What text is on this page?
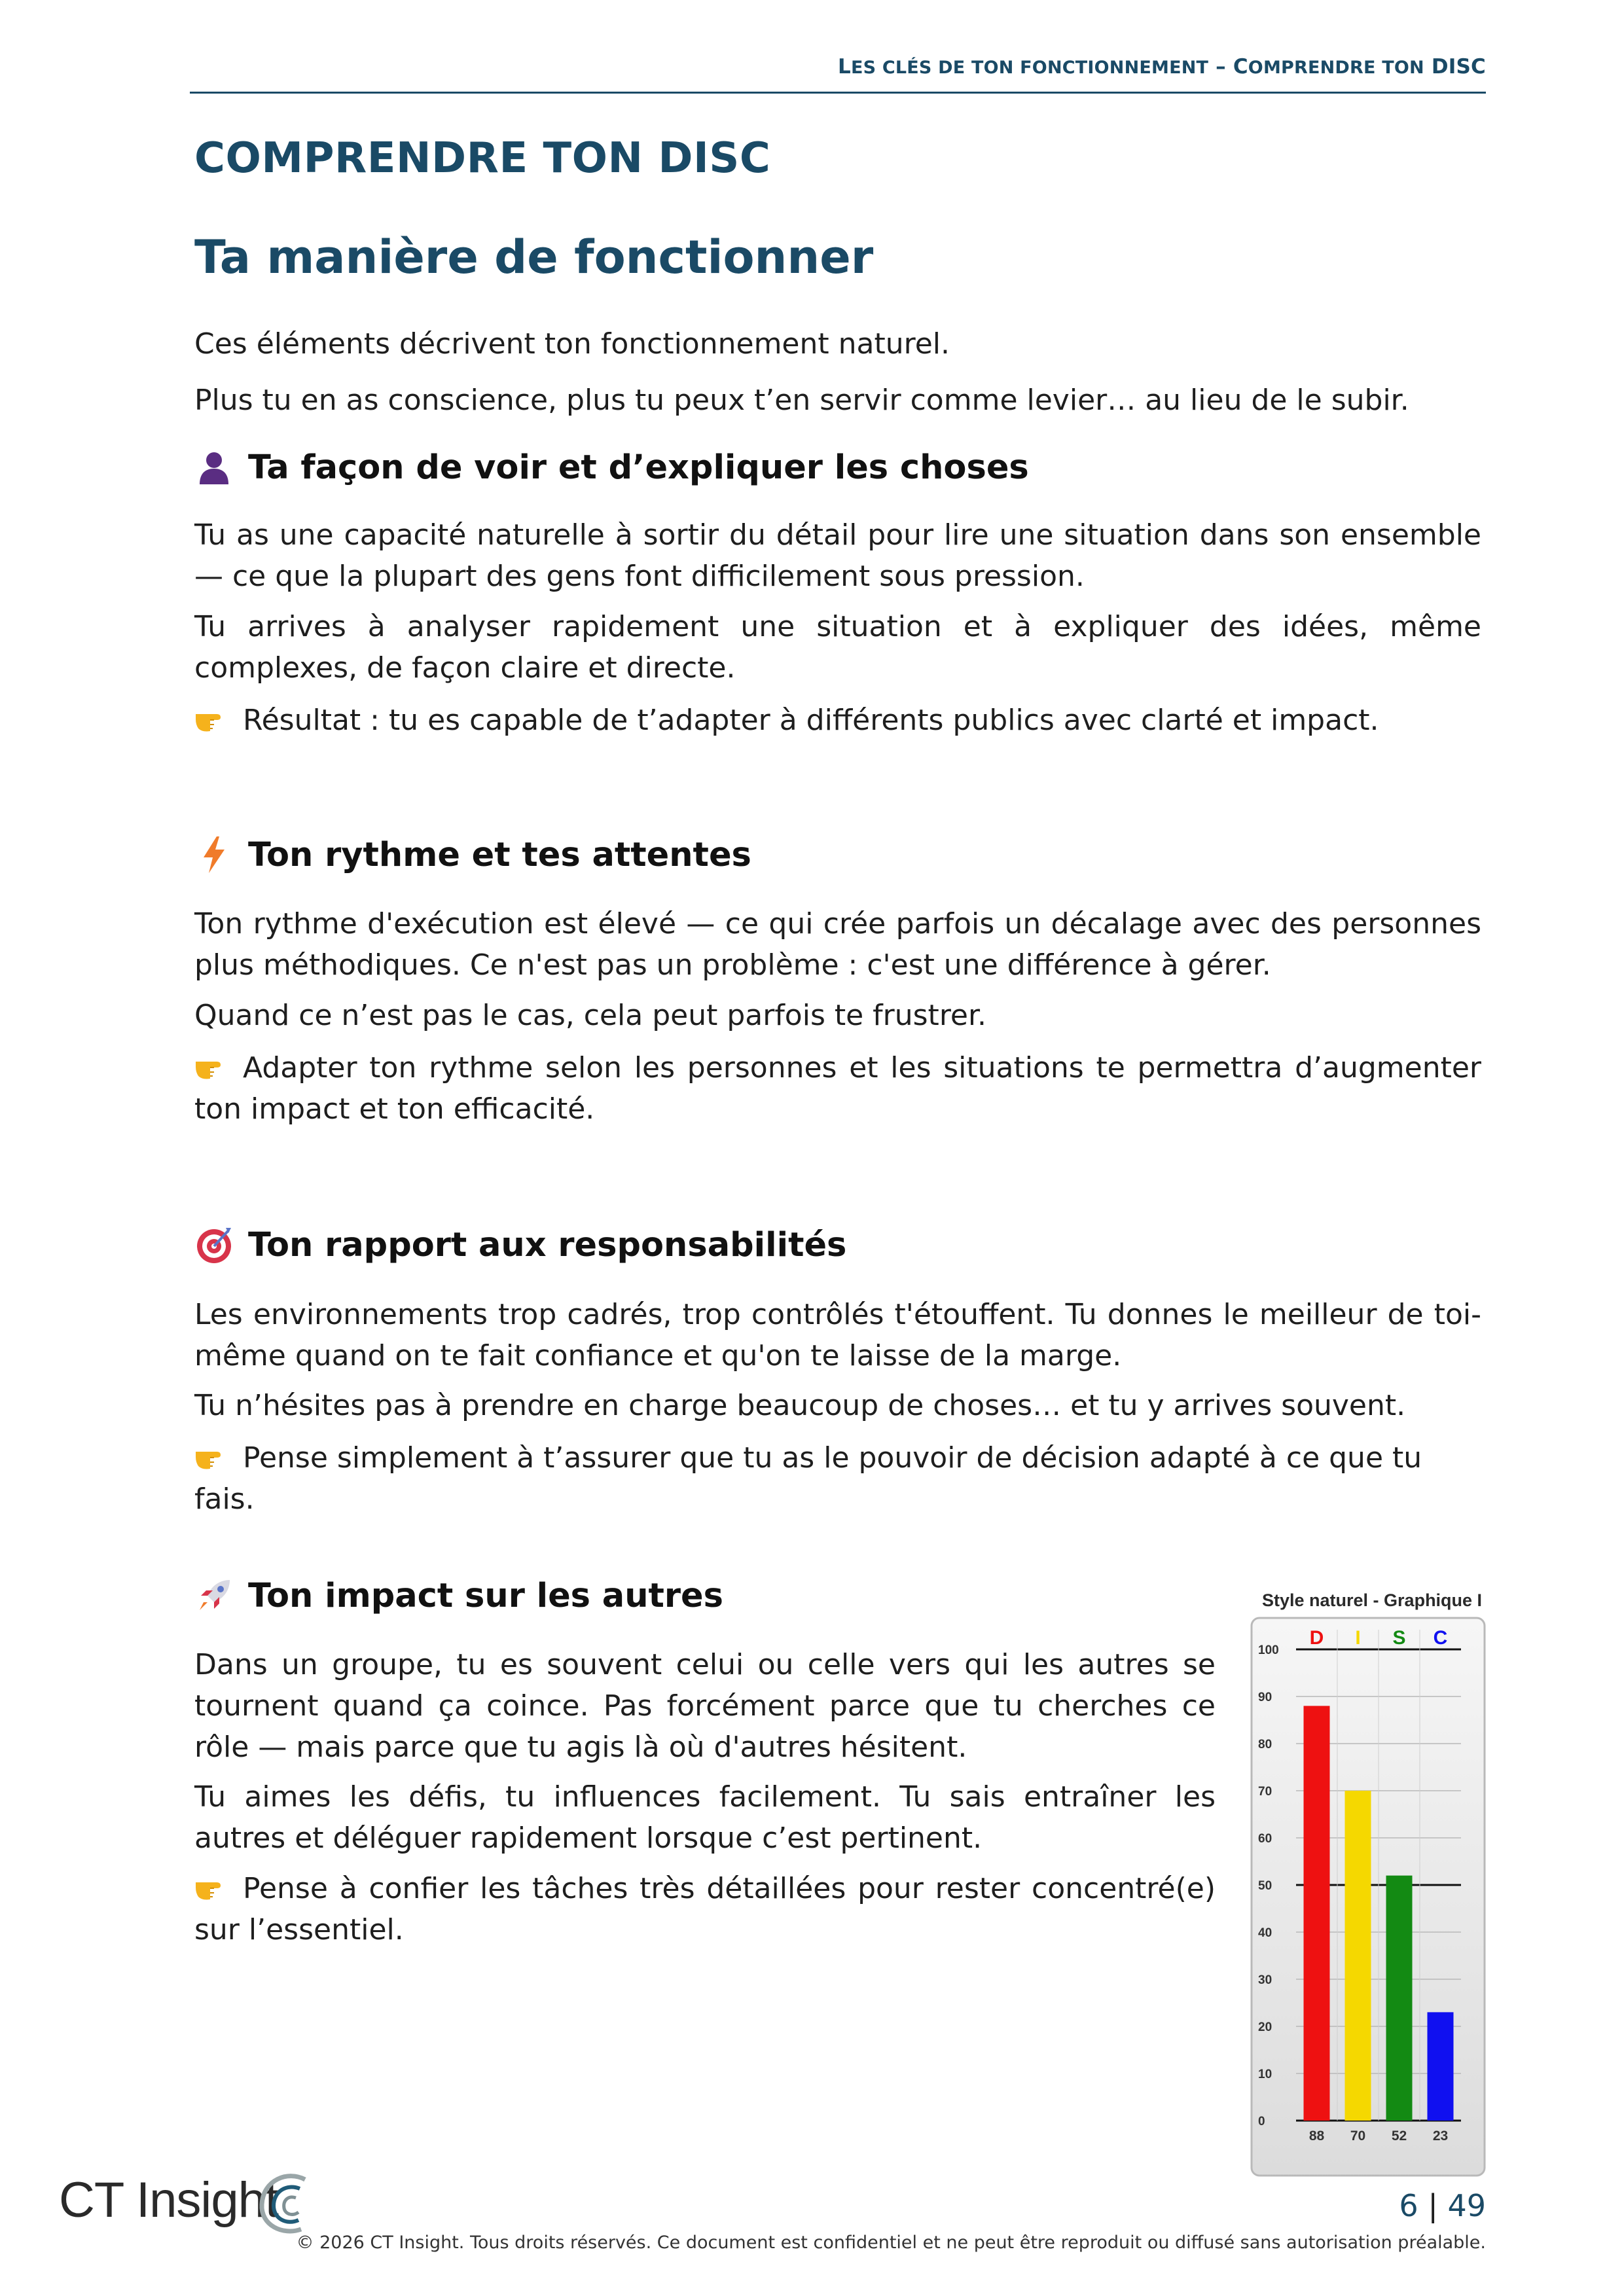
LES CLÉS DE TON FONCTIONNEMENT – COMPRENDRE TON DISC
COMPRENDRE TON DISC
Ta manière de fonctionner
Ces éléments décrivent ton fonctionnement naturel.
Plus tu en as conscience, plus tu peux t’en servir comme levier… au lieu de le subir.
Ta façon de voir et d’expliquer les choses
Tu as une capacité naturelle à sortir du détail pour lire une situation dans son ensemble — ce que la plupart des gens font difficilement sous pression.
Tu arrives à analyser rapidement une situation et à expliquer des idées, même complexes, de façon claire et directe.
Résultat : tu es capable de t’adapter à différents publics avec clarté et impact.
Ton rythme et tes attentes
Ton rythme d'exécution est élevé — ce qui crée parfois un décalage avec des personnes plus méthodiques. Ce n'est pas un problème : c'est une différence à gérer.
Quand ce n’est pas le cas, cela peut parfois te frustrer.
Adapter ton rythme selon les personnes et les situations te permettra d’augmenter ton impact et ton efficacité.
Ton rapport aux responsabilités
Les environnements trop cadrés, trop contrôlés t'étouffent. Tu donnes le meilleur de toi-même quand on te fait confiance et qu'on te laisse de la marge.
Tu n’hésites pas à prendre en charge beaucoup de choses… et tu y arrives souvent.
Pense simplement à t’assurer que tu as le pouvoir de décision adapté à ce que tu fais.
Ton impact sur les autres
Dans un groupe, tu es souvent celui ou celle vers qui les autres se tournent quand ça coince. Pas forcément parce que tu cherches ce rôle — mais parce que tu agis là où d'autres hésitent.
Tu aimes les défis, tu influences facilement. Tu sais entraîner les autres et déléguer rapidement lorsque c’est pertinent.
Pense à confier les tâches très détaillées pour rester concentré(e) sur l’essentiel.
Style naturel - Graphique I
0
10
20
30
40
50
60
70
80
90
100
D
88
I
70
S
52
C
23
CT Insight	6 | 49
© 2026 CT Insight. Tous droits réservés. Ce document est confidentiel et ne peut être reproduit ou diffusé sans autorisation préalable.
